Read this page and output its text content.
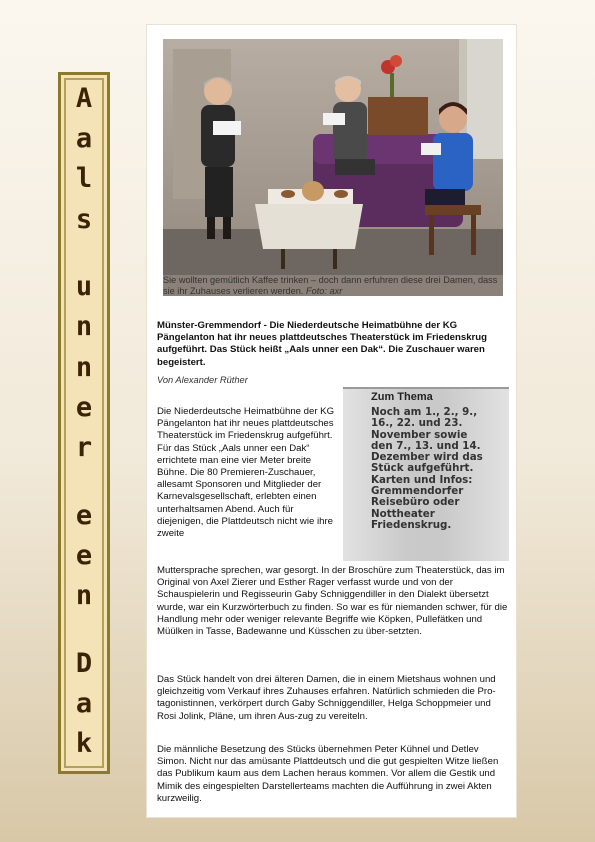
A
a
l
s
u
n
n
e
r
e
e
n
D
a
k
Sie wollten gemütlich Kaffee trinken – doch dann erfuhren diese drei Damen, dass sie ihr Zuhauses verlieren werden. Foto: axr

Münster-Gremmendorf - Die Niederdeutsche Heimatbühne der KG Pängelanton hat ihr neues plattdeutsches Theaterstück im Friedenskrug aufgeführt. Das Stück heißt „Aals unner een Dak“. Die Zuschauer waren begeistert.

Von Alexander Rüther

Zum Thema
Noch am 1., 2., 9., 16., 22. und 23. November sowie den 7., 13. und 14. Dezember wird das Stück aufgeführt. Karten und Infos: Gremmendorfer Reisebüro oder Nottheater Friedenskrug.

Die Niederdeutsche Heimatbühne der KG Pängelanton hat ihr neues plattdeutsches Theaterstück im Friedenskrug aufgeführt. Für das Stück „Aals unner een Dak“ errichtete man eine vier Meter breite Bühne. Die 80 Premieren-Zuschauer, allesamt Sponsoren und Mitglieder der Karnevalsgesellschaft, erlebten einen unterhaltsamen Abend. Auch für diejenigen, die Plattdeutsch nicht wie ihre zweite

Muttersprache sprechen, war gesorgt. In der Broschüre zum Theaterstück, das im Original von Axel Zierer und Esther Rager verfasst wurde und von der Schauspielerin und Regisseurin Gaby Schniggendiller in den Dialekt übersetzt wurde, war ein Kurzwörterbuch zu finden. So war es für niemanden schwer, für die Handlung mehr oder weniger relevante Begriffe wie Köpken, Pullefätken und Müülken in Tasse, Badewanne und Küsschen zu über-setzten.

Das Stück handelt von drei älteren Damen, die in einem Mietshaus wohnen und gleichzeitig vom Verkauf ihres Zuhauses erfahren. Natürlich schmieden die Pro-tagonistinnen, verkörpert durch Gaby Schniggendiller, Helga Schoppmeier und Rosi Jolink, Pläne, um ihren Aus-zug zu vereiteln.

Die männliche Besetzung des Stücks übernehmen Peter Kühnel und Detlev Simon. Nicht nur das amüsante Plattdeutsch und die gut gespielten Witze ließen das Publikum kaum aus dem Lachen heraus kommen. Vor allem die Gestik und Mimik des eingespielten Darstellerteams machten die Aufführung in zwei Akten kurzweilig.
